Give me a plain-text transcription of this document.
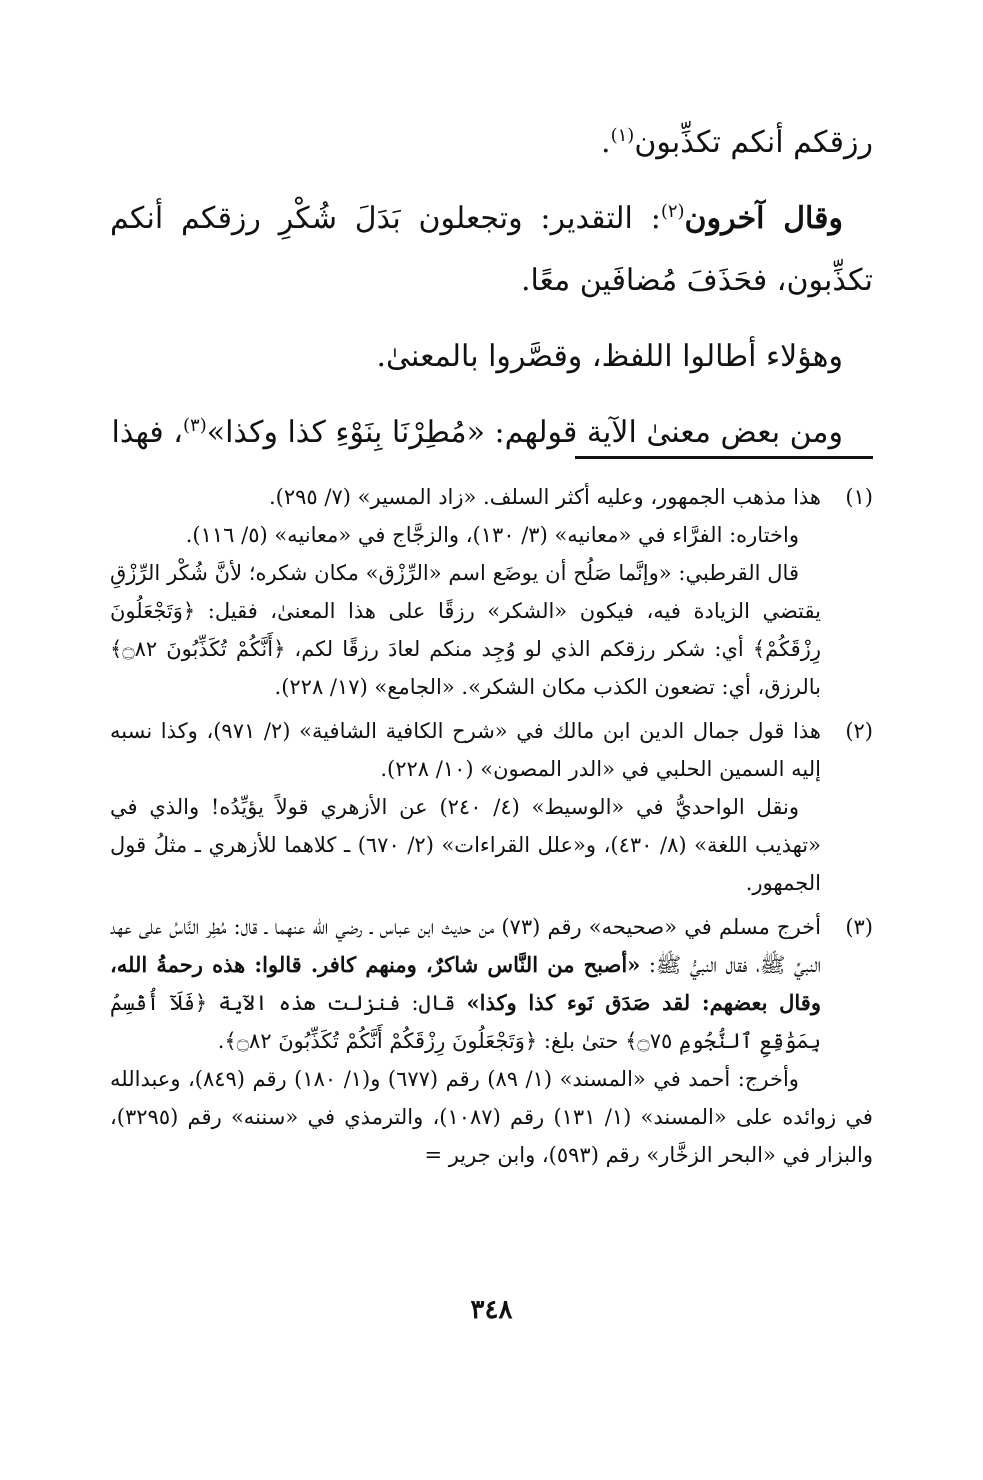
رزقكم أنكم تكذِّبون$^{(١)}$.

وقال آخرون$^{(٢)}$: التقدير: وتجعلون بَدَلَ شُكْرِ رزقكم أنكم تكذِّبون، فحَذَفَ مُضافَين معًا.

وهؤلاء أطالوا اللفظ، وقصَّروا بالمعنىٰ.

ومن بعض معنىٰ الآية قولهم: «مُطِرْنَا بِنَوْءِ كذا وكذا»$^{(٣)}$، فهذا

(١)

هذا مذهب الجمهور، وعليه أكثر السلف. «زاد المسير» (٧/ ٢٩٥).

واختاره: الفرَّاء في «معانيه» (٣/ ١٣٠)، والزجَّاج في «معانيه» (٥/ ١١٦).

قال القرطبي: «وإنَّما صَلُح أن يوضَع اسم «الرِّزْق» مكان شكره؛ لأنَّ شُكْر الرِّزْقِ يقتضي الزيادة فيه، فيكون «الشكر» رزقًا على هذا المعنىٰ، فقيل: ﴿وَتَجْعَلُونَ رِزْقَكُمْ﴾ أي: شكر رزقكم الذي لو وُجِد منكم لعادَ رزقًا لكم، ﴿أَنَّكُمْ تُكَذِّبُونَ ۝٨٢﴾ بالرزق، أي: تضعون الكذب مكان الشكر». «الجامع» (١٧/ ٢٢٨).

(٢)

هذا قول جمال الدين ابن مالك في «شرح الكافية الشافية» (٢/ ٩٧١)، وكذا نسبه إليه السمين الحلبي في «الدر المصون» (١٠/ ٢٢٨).

ونقل الواحديُّ في «الوسيط» (٤/ ٢٤٠) عن الأزهري قولاً يؤيِّدُه! والذي في «تهذيب اللغة» (٨/ ٤٣٠)، و«علل القراءات» (٢/ ٦٧٠) ـ كلاهما للأزهري ـ مثلُ قول الجمهور.

(٣)

أخرج مسلم في «صحيحه» رقم (٧٣) من حديث ابن عباس ـ رضي الله عنهما ـ قال: مُطِر النَّاسُ على عهد النبيِّ ﷺ، فقال النبيُّ ﷺ: «أصبح من النَّاس شاكرٌ، ومنهم كافر. قالوا: هذه رحمةُ الله، وقال بعضهم: لقد صَدَق نَوء كذا وكذا» قال: فنزلت هذه الآية ﴿فَلَآ أُقْسِمُ بِمَوَٰقِعِ ٱلنُّجُومِ ۝٧٥﴾ حتىٰ بلغ: ﴿وَتَجْعَلُونَ رِزْقَكُمْ أَنَّكُمْ تُكَذِّبُونَ ۝٨٢﴾.

وأخرج: أحمد في «المسند» (١/ ٨٩) رقم (٦٧٧) و(١/ ١٨٠) رقم (٨٤٩)، وعبدالله في زوائده على «المسند» (١/ ١٣١) رقم (١٠٨٧)، والترمذي في «سننه» رقم (٣٢٩٥)، والبزار في «البحر الزخَّار» رقم (٥٩٣)، وابن جرير =

٣٤٨
